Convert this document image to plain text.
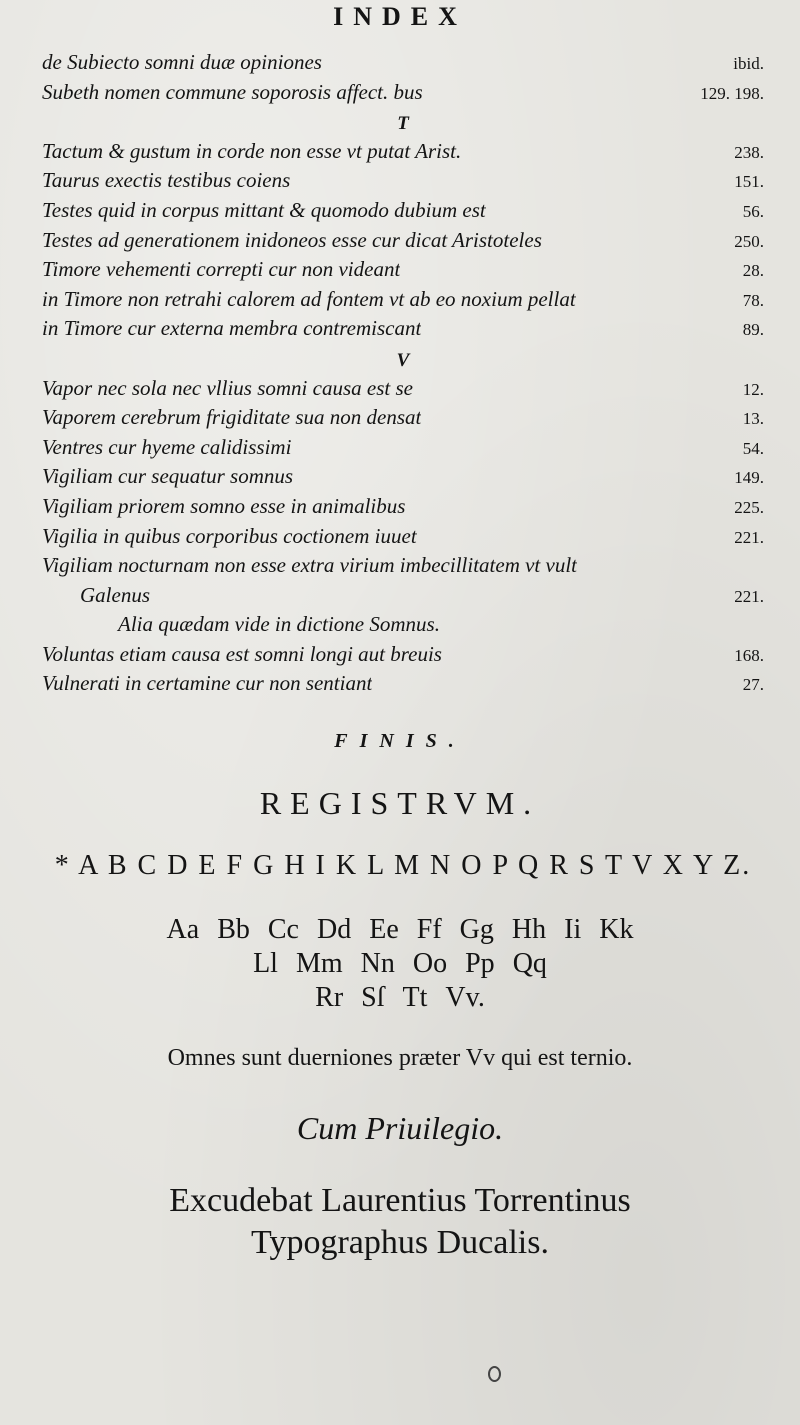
INDEX
de Subiecto somni duæ opiniones	ibid.
Subeth nomen commune soporosis affect. bus	129. 198.
T
Tactum & gustum in corde non esse vt putat Arist.	238.
Taurus exectis testibus coiens	151.
Testes quid in corpus mittant & quomodo dubium est	56.
Testes ad generationem inidoneos esse cur dicat Aristoteles	250.
Timore vehementi correpti cur non videant	28.
in Timore non retrahi calorem ad fontem vt ab eo noxium pellat	78.
in Timore cur externa membra contremiscant	89.
V
Vapor nec sola nec vllius somni causa est se	12.
Vaporem cerebrum frigiditate sua non densat	13.
Ventres cur hyeme calidissimi	54.
Vigiliam cur sequatur somnus	149.
Vigiliam priorem somno esse in animalibus	225.
Vigilia in quibus corporibus coctionem iuuet	221.
Vigiliam nocturnam non esse extra virium imbecillitatem vt vult
Galenus	221.
Alia quædam vide in dictione Somnus.
Voluntas etiam causa est somni longi aut breuis	168.
Vulnerati in certamine cur non sentiant	27.
FINIS.
REGISTRVM.
* A B C D E F G H I K L M N O P Q R S T V X Y Z.
Aa Bb Cc Dd Ee Ff Gg Hh Ii Kk
Ll Mm Nn Oo Pp Qq
Rr Sſ Tt Vv.
Omnes sunt duerniones præter Vv qui est ternio.
Cum Priuilegio.
Excudebat Laurentius Torrentinus
Typographus Ducalis.
